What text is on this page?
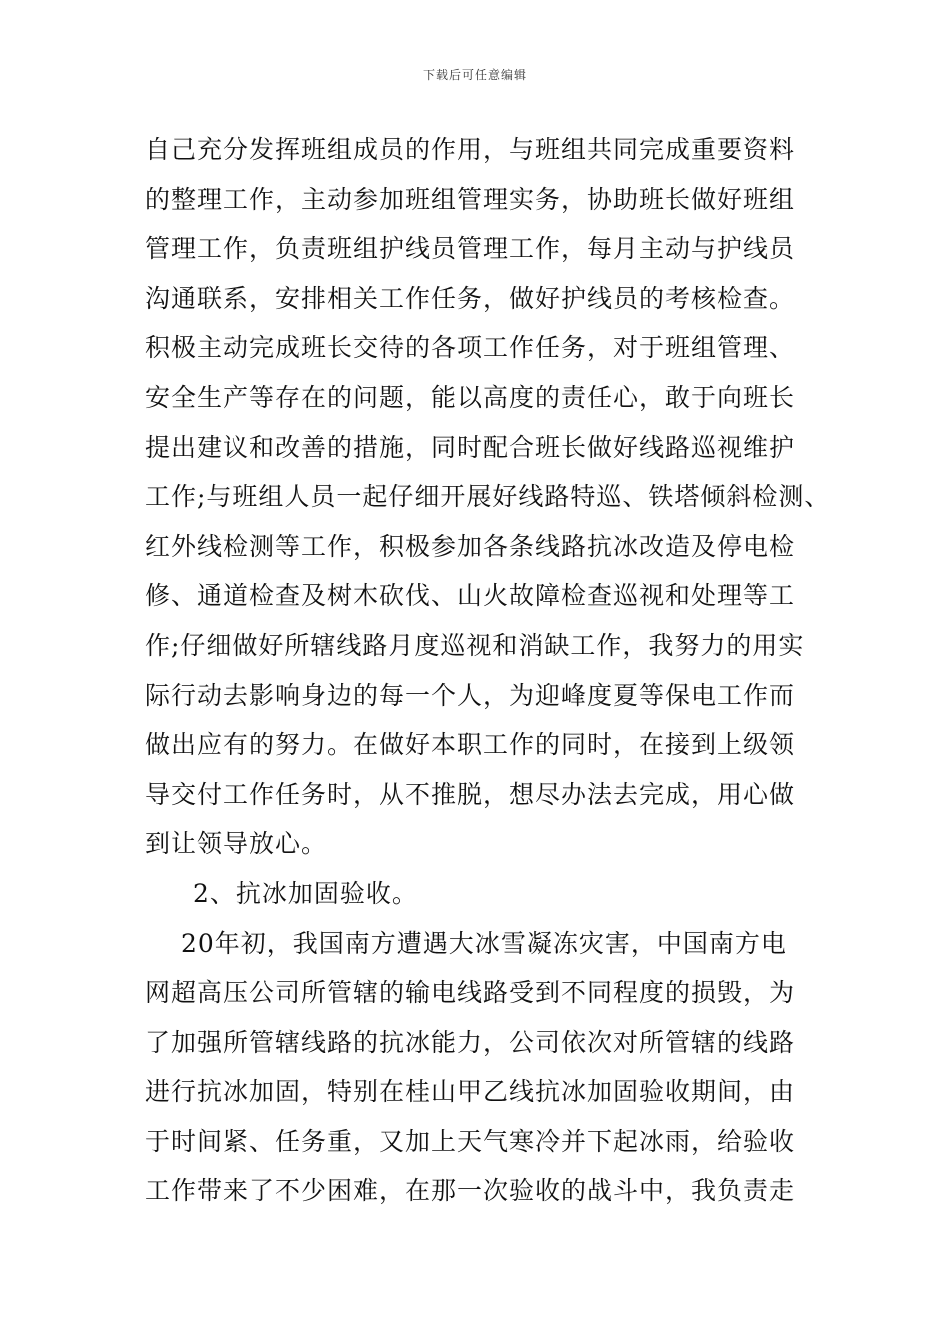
下载后可任意编辑
自己充分发挥班组成员的作用，与班组共同完成重要资料
的整理工作，主动参加班组管理实务，协助班长做好班组
管理工作，负责班组护线员管理工作，每月主动与护线员
沟通联系，安排相关工作任务，做好护线员的考核检查。
积极主动完成班长交待的各项工作任务，对于班组管理、
安全生产等存在的问题，能以高度的责任心，敢于向班长
提出建议和改善的措施，同时配合班长做好线路巡视维护
工作;与班组人员一起仔细开展好线路特巡、铁塔倾斜检测、
红外线检测等工作，积极参加各条线路抗冰改造及停电检
修、通道检查及树木砍伐、山火故障检查巡视和处理等工
作;仔细做好所辖线路月度巡视和消缺工作，我努力的用实
际行动去影响身边的每一个人，为迎峰度夏等保电工作而
做出应有的努力。在做好本职工作的同时，在接到上级领
导交付工作任务时，从不推脱，想尽办法去完成，用心做
到让领导放心。
2、抗冰加固验收。
20年初，我国南方遭遇大冰雪凝冻灾害，中国南方电
网超高压公司所管辖的输电线路受到不同程度的损毁，为
了加强所管辖线路的抗冰能力，公司依次对所管辖的线路
进行抗冰加固，特别在桂山甲乙线抗冰加固验收期间，由
于时间紧、任务重，又加上天气寒冷并下起冰雨，给验收
工作带来了不少困难，在那一次验收的战斗中，我负责走
